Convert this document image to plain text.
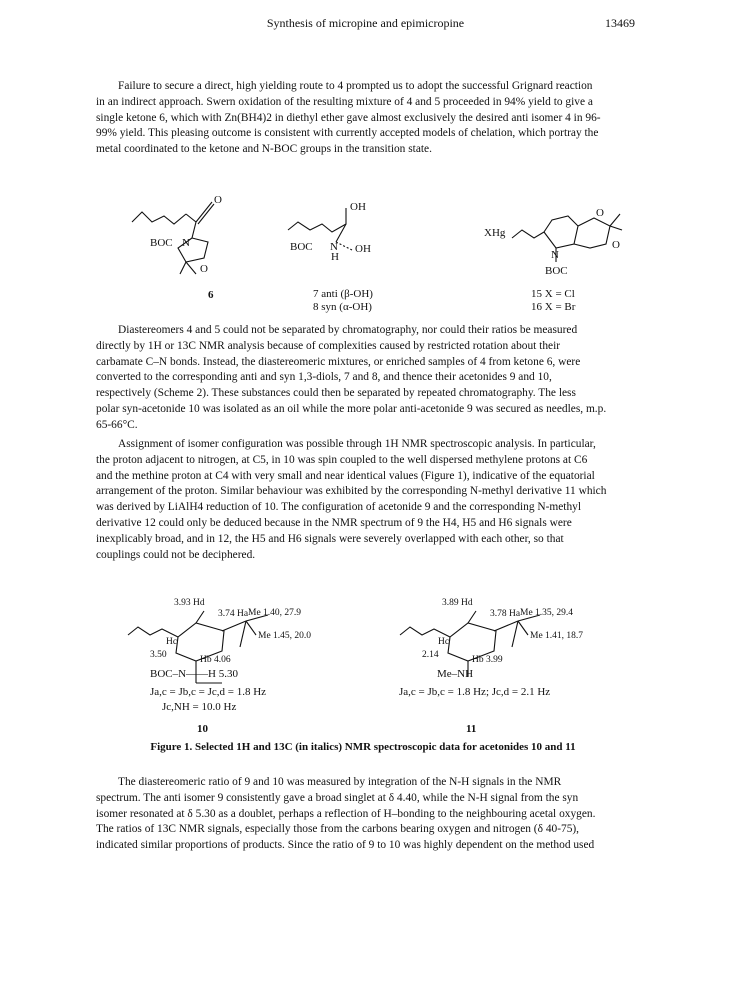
Synthesis of micropine and epimicropine	13469
Failure to secure a direct, high yielding route to 4 prompted us to adopt the successful Grignard reaction
in an indirect approach. Swern oxidation of the resulting mixture of 4 and 5 proceeded in 94% yield to give a
single ketone 6, which with Zn(BH4)2 in diethyl ether gave almost exclusively the desired anti isomer 4 in 96-
99% yield. This pleasing outcome is consistent with currently accepted models of chelation, which portray the
metal coordinated to the ketone and N-BOC groups in the transition state.
O
BOC N
O
OH
BOC N
H
OH
XHg
O
O
N
BOC
6	7 anti (β-OH)
8 syn (α-OH)
15 X = Cl
16 X = Br
Diastereomers 4 and 5 could not be separated by chromatography, nor could their ratios be measured
directly by 1H or 13C NMR analysis because of complexities caused by restricted rotation about their
carbamate C–N bonds. Instead, the diastereomeric mixtures, or enriched samples of 4 from ketone 6, were
converted to the corresponding anti and syn 1,3-diols, 7 and 8, and thence their acetonides 9 and 10,
respectively (Scheme 2). These substances could then be separated by repeated chromatography. The less
polar syn-acetonide 10 was isolated as an oil while the more polar anti-acetonide 9 was secured as needles, m.p.
65-66°C.
Assignment of isomer configuration was possible through 1H NMR spectroscopic analysis. In particular,
the proton adjacent to nitrogen, at C5, in 10 was spin coupled to the well dispersed methylene protons at C6
and the methine proton at C4 with very small and near identical values (Figure 1), indicative of the equatorial
arrangement of the proton. Similar behaviour was exhibited by the corresponding N-methyl derivative 11 which
was derived by LiAlH4 reduction of 10. The configuration of acetonide 9 and the corresponding N-methyl
derivative 12 could only be deduced because in the NMR spectrum of 9 the H4, H5 and H6 signals were
inexplicably broad, and in 12, the H5 and H6 signals were severely overlapped with each other, so that
couplings could not be deciphered.
3.93 Hd
3.74 Ha Me 1.40, 27.9
Me 1.45, 20.0
Hc
3.50	Hb 4.06
BOC–N——H 5.30
Ja,c = Jb,c = Jc,d = 1.8 Hz
Jc,NH = 10.0 Hz
10
3.89 Hd
3.78 Ha Me 1.35, 29.4
Me 1.41, 18.7
Hc
2.14	Hb 3.99
Me–NH
Ja,c = Jb,c = 1.8 Hz; Jc,d = 2.1 Hz
11
Figure 1. Selected 1H and 13C (in italics) NMR spectroscopic data for acetonides 10 and 11
The diastereomeric ratio of 9 and 10 was measured by integration of the N-H signals in the NMR
spectrum. The anti isomer 9 consistently gave a broad singlet at δ 4.40, while the N-H signal from the syn
isomer resonated at δ 5.30 as a doublet, perhaps a reflection of H–bonding to the neighbouring acetal oxygen.
The ratios of 13C NMR signals, especially those from the carbons bearing oxygen and nitrogen (δ 40-75),
indicated similar proportions of products. Since the ratio of 9 to 10 was highly dependent on the method used
